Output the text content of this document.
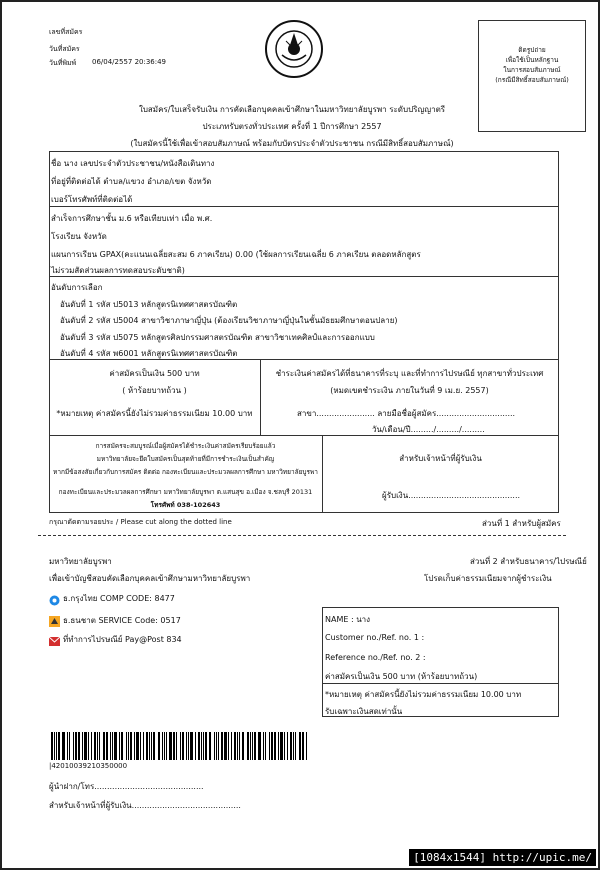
เลขที่สมัคร
วันที่สมัคร
วันที่พิมพ์ 06/04/2557 20:36:49
ติดรูปถ่าย
เพื่อใช้เป็นหลักฐาน
ในการสอบสัมภาษณ์
(กรณีมีสิทธิ์สอบสัมภาษณ์)
ใบสมัคร/ใบเสร็จรับเงิน การคัดเลือกบุคคลเข้าศึกษาในมหาวิทยาลัยบูรพา ระดับปริญญาตรี
ประเภทรับตรงทั่วประเทศ ครั้งที่ 1 ปีการศึกษา 2557
(ใบสมัครนี้ใช้เพื่อเข้าสอบสัมภาษณ์ พร้อมกับบัตรประจำตัวประชาชน กรณีมีสิทธิ์สอบสัมภาษณ์)
ชื่อ นาง เลขประจำตัวประชาชน/หนังสือเดินทาง
ที่อยู่ที่ติดต่อได้ ตำบล/แขวง อำเภอ/เขต จังหวัด
เบอร์โทรศัพท์ที่ติดต่อได้
สำเร็จการศึกษาชั้น ม.6 หรือเทียบเท่า เมื่อ พ.ศ.
โรงเรียน จังหวัด
แผนการเรียน GPAX(คะแนนเฉลี่ยสะสม 6 ภาคเรียน) 0.00 (ใช้ผลการเรียนเฉลี่ย 6 ภาคเรียน ตลอดหลักสูตร
ไม่รวมสัดส่วนผลการทดสอบระดับชาติ)
อันดับการเลือก
อันดับที่ 1 รหัส ป5013 หลักสูตรนิเทศศาสตรบัณฑิต
อันดับที่ 2 รหัส ป5004 สาขาวิชาภาษาญี่ปุ่น (ต้องเรียนวิชาภาษาญี่ปุ่นในชั้นมัธยมศึกษาตอนปลาย)
อันดับที่ 3 รหัส ป5075 หลักสูตรศิลปกรรมศาสตรบัณฑิต สาขาวิชาเทคศิลป์และการออกแบบ
อันดับที่ 4 รหัส พ6001 หลักสูตรนิเทศศาสตรบัณฑิต
ค่าสมัครเป็นเงิน 500 บาท
( ห้าร้อยบาทถ้วน )
*หมายเหตุ ค่าสมัครนี้ยังไม่รวมค่าธรรมเนียม 10.00 บาท
ชำระเงินค่าสมัครได้ที่ธนาคารที่ระบุ และที่ทำการไปรษณีย์ ทุกสาขาทั่วประเทศ
(หมดเขตชำระเงิน ภายในวันที่ 9 เม.ย. 2557)
สาขา....................... ลายมือชื่อผู้สมัคร...............................
วัน/เดือน/ปี........./........./.........
การสมัครจะสมบูรณ์เมื่อผู้สมัครได้ชำระเงินค่าสมัครเรียบร้อยแล้ว
มหาวิทยาลัยจะยึดใบสมัครเป็นสุดท้ายที่มีการชำระเงินเป็นสำคัญ
หากมีข้อสงสัยเกี่ยวกับการสมัคร ติดต่อ กองทะเบียนและประมวลผลการศึกษา มหาวิทยาลัยบูรพา
กองทะเบียนและประมวลผลการศึกษา มหาวิทยาลัยบูรพา ต.แสนสุข อ.เมือง จ.ชลบุรี 20131
โทรศัพท์ 038-102643
สำหรับเจ้าหน้าที่ผู้รับเงิน
ผู้รับเงิน............................................
กรุณาตัดตามรอยประ / Please cut along the dotted line	ส่วนที่ 1 สำหรับผู้สมัคร
มหาวิทยาลัยบูรพา
เพื่อเข้าบัญชีสอบคัดเลือกบุคคลเข้าศึกษามหาวิทยาลัยบูรพา
ส่วนที่ 2 สำหรับธนาคาร/ไปรษณีย์
โปรดเก็บค่าธรรมเนียมจากผู้ชำระเงิน
ธ.กรุงไทย COMP CODE: 8477
ธ.ธนชาต SERVICE Code: 0517
ที่ทำการไปรษณีย์ Pay@Post 834
NAME : นาง
Customer no./Ref. no. 1 :
Reference no./Ref. no. 2 :
ค่าสมัครเป็นเงิน 500 บาท (ห้าร้อยบาทถ้วน)
*หมายเหตุ ค่าสมัครนี้ยังไม่รวมค่าธรรมเนียม 10.00 บาท
รับเฉพาะเงินสดเท่านั้น
|42010039210350000
ผู้นำฝาก/โทร...........................................
สำหรับเจ้าหน้าที่ผู้รับเงิน...........................................
[1084x1544] http://upic.me/
